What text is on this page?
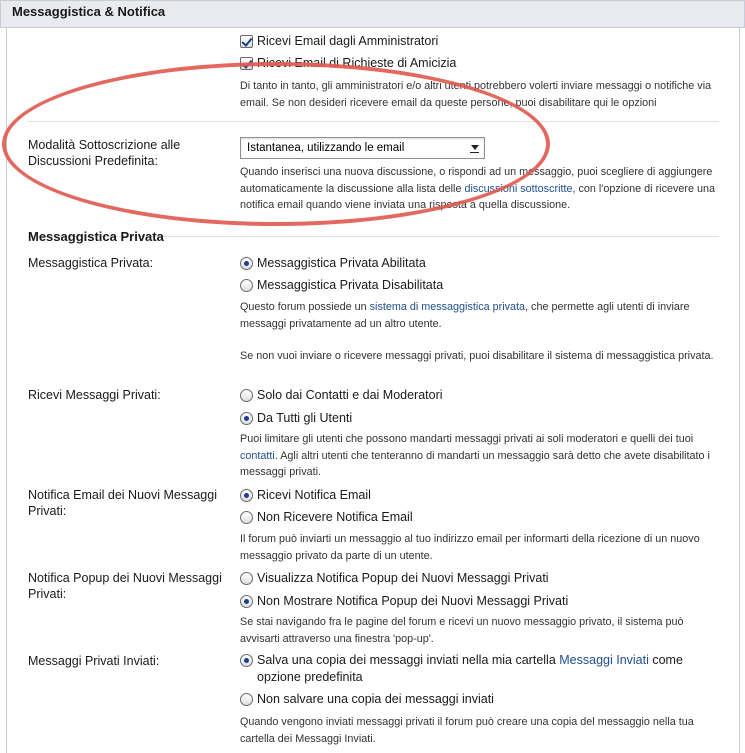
Messaggistica & Notifica
Ricevi Email dagli Amministratori
Ricevi Email di Richieste di Amicizia
Di tanto in tanto, gli amministratori e/o altri utenti potrebbero volerti inviare messaggi o notifiche via email. Se non desideri ricevere email da queste persone, puoi disabilitare qui le opzioni
Modalità Sottoscrizione alle Discussioni Predefinita:
Istantanea, utilizzando le email
Quando inserisci una nuova discussione, o rispondi ad un messaggio, puoi scegliere di aggiungere automaticamente la discussione alla lista delle discussioni sottoscritte, con l'opzione di ricevere una notifica email quando viene inviata una risposta a quella discussione.
Messaggistica Privata
Messaggistica Privata:	Messaggistica Privata Abilitata
Messaggistica Privata Disabilitata
Questo forum possiede un sistema di messaggistica privata, che permette agli utenti di inviare messaggi privatamente ad un altro utente.
Se non vuoi inviare o ricevere messaggi privati, puoi disabilitare il sistema di messaggistica privata.
Ricevi Messaggi Privati:	Solo dai Contatti e dai Moderatori
Da Tutti gli Utenti
Puoi limitare gli utenti che possono mandarti messaggi privati ai soli moderatori e quelli dei tuoi contatti. Agli altri utenti che tenteranno di mandarti un messaggio sarà detto che avete disabilitato i messaggi privati.
Notifica Email dei Nuovi Messaggi Privati:
Ricevi Notifica Email
Non Ricevere Notifica Email
Il forum può inviarti un messaggio al tuo indirizzo email per informarti della ricezione di un nuovo messaggio privato da parte di un utente.
Notifica Popup dei Nuovi Messaggi Privati:
Visualizza Notifica Popup dei Nuovi Messaggi Privati
Non Mostrare Notifica Popup dei Nuovi Messaggi Privati
Se stai navigando fra le pagine del forum e ricevi un nuovo messaggio privato, il sistema può avvisarti attraverso una finestra 'pop-up'.
Messaggi Privati Inviati:	Salva una copia dei messaggi inviati nella mia cartella Messaggi Inviati come opzione predefinita
Non salvare una copia dei messaggi inviati
Quando vengono inviati messaggi privati il forum può creare una copia del messaggio nella tua cartella dei Messaggi Inviati.
